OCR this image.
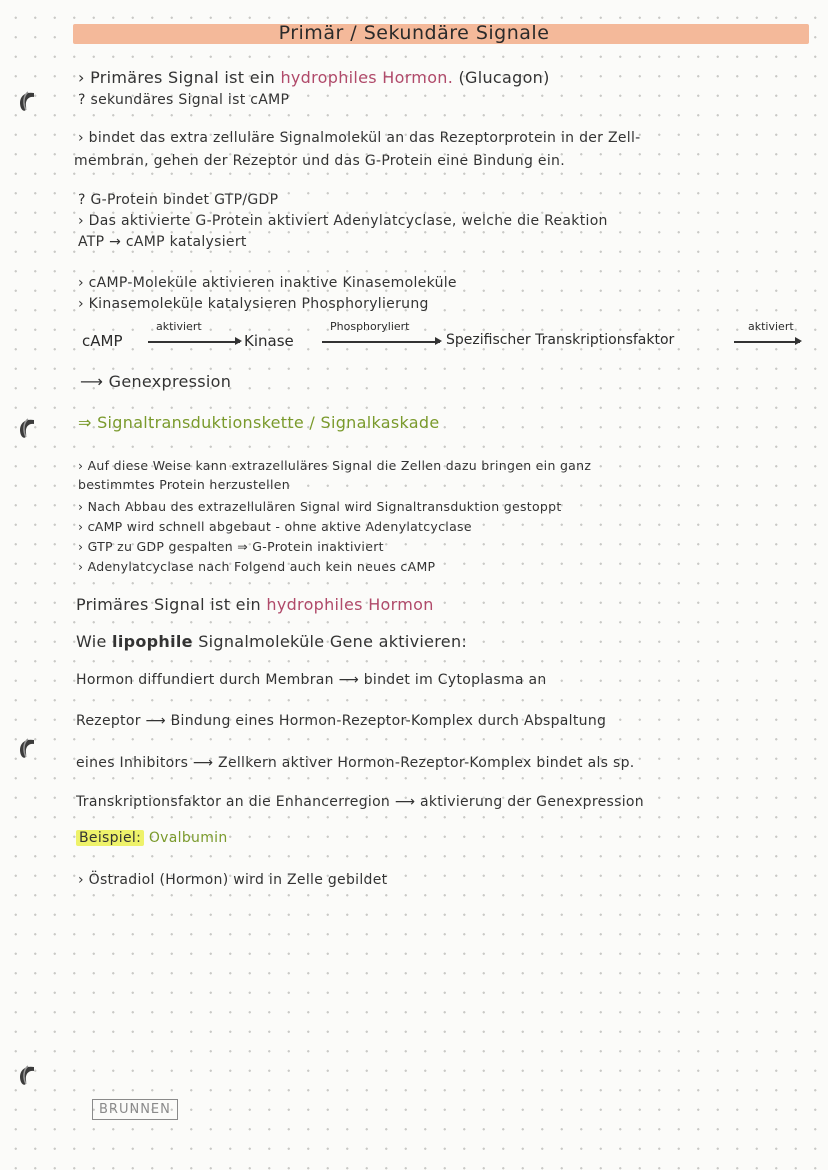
Primär / Sekundäre Signale
› Primäres Signal ist ein hydrophiles Hormon. (Glucagon)
? sekundäres Signal ist cAMP
› bindet das extra zelluläre Signalmolekül an das Rezeptorprotein in der Zell-
membran, gehen der Rezeptor und das G-Protein eine Bindung ein.
? G-Protein bindet GTP/GDP
› Das aktivierte G-Protein aktiviert Adenylatcyclase, welche die Reaktion
ATP → cAMP katalysiert
› cAMP-Moleküle aktivieren inaktive Kinasemoleküle
› Kinasemoleküle katalysieren Phosphorylierung
cAMP
aktiviert
Kinase
Phosphoryliert
Spezifischer Transkriptionsfaktor
aktiviert
⟶ Genexpression
⇒ Signaltransduktionskette / Signalkaskade
› Auf diese Weise kann extrazelluläres Signal die Zellen dazu bringen ein ganz
bestimmtes Protein herzustellen
› Nach Abbau des extrazellulären Signal wird Signaltransduktion gestoppt
› cAMP wird schnell abgebaut - ohne aktive Adenylatcyclase
› GTP zu GDP gespalten ⇒ G-Protein inaktiviert
› Adenylatcyclase nach Folgend auch kein neues cAMP
Primäres Signal ist ein hydrophiles Hormon
Wie lipophile Signalmoleküle Gene aktivieren:
Hormon diffundiert durch Membran ⟶ bindet im Cytoplasma an
Rezeptor ⟶ Bindung eines Hormon-Rezeptor-Komplex durch Abspaltung
eines Inhibitors ⟶ Zellkern aktiver Hormon-Rezeptor-Komplex bindet als sp.
Transkriptionsfaktor an die Enhancerregion ⟶ aktivierung der Genexpression
Beispiel: Ovalbumin
› Östradiol (Hormon) wird in Zelle gebildet
BRUNNEN
